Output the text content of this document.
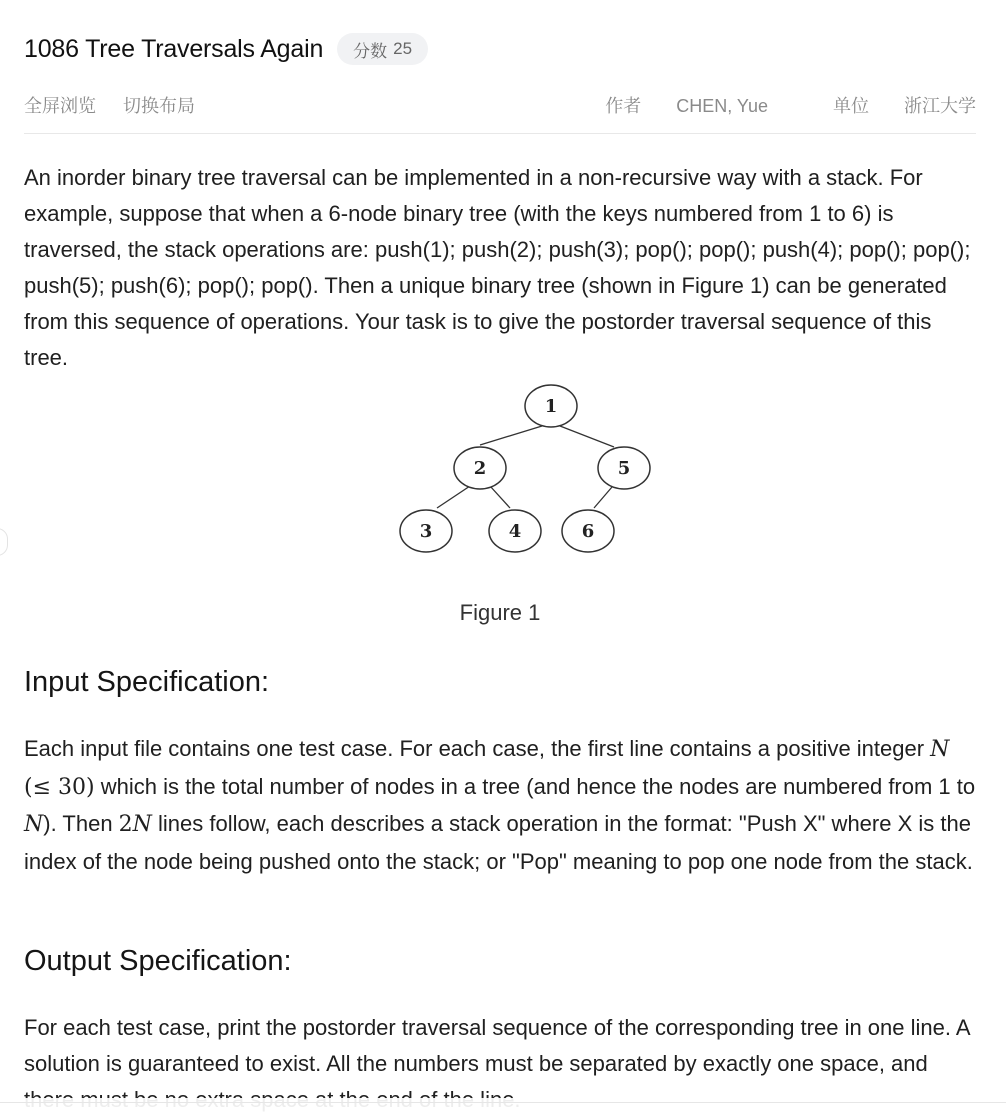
1086 Tree Traversals Again 分数 25
全屏浏览 切换布局	作者 CHEN, Yue	单位 浙江大学

An inorder binary tree traversal can be implemented in a non-recursive way with a stack. For example, suppose that when a 6-node binary tree (with the keys numbered from 1 to 6) is traversed, the stack operations are: push(1); push(2); push(3); pop(); pop(); push(4); pop(); pop(); push(5); push(6); pop(); pop(). Then a unique binary tree (shown in Figure 1) can be generated from this sequence of operations. Your task is to give the postorder traversal sequence of this tree.

1
2	5
3	4	6
Figure 1
Input Specification:
Each input file contains one test case. For each case, the first line contains a positive integer N (≤ 30) which is the total number of nodes in a tree (and hence the nodes are numbered from 1 to N). Then 2N lines follow, each describes a stack operation in the format: "Push X" where X is the index of the node being pushed onto the stack; or "Pop" meaning to pop one node from the stack.
Output Specification:
For each test case, print the postorder traversal sequence of the corresponding tree in one line. A solution is guaranteed to exist. All the numbers must be separated by exactly one space, and
